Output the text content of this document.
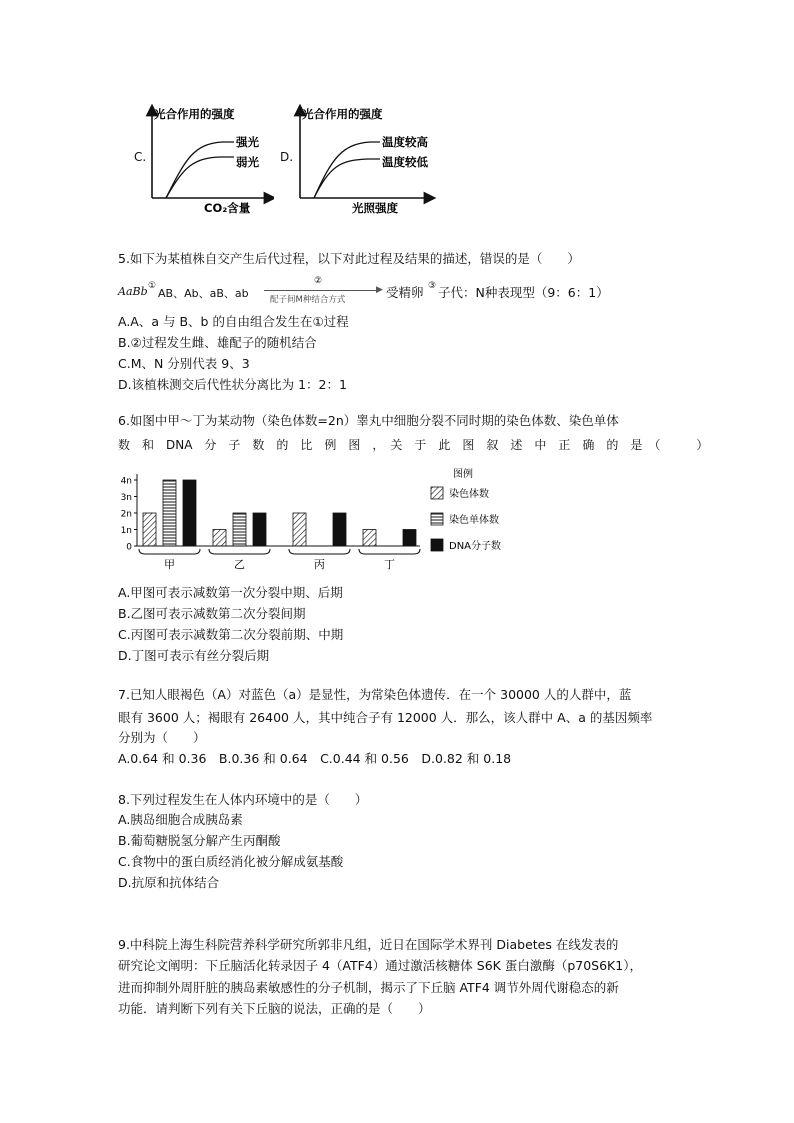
C.
光合作用的强度
强光
弱光
CO₂含量
D.
光合作用的强度
温度较高
温度较低
光照强度
5.如下为某植株自交产生后代过程，以下对此过程及结果的描述，错误的是（　　）
AaBb ①
AB、Ab、aB、ab
②
▶
配子间M种结合方式	受精卵 ③ 子代：N种表现型（9：6：1）
A.A、a 与 B、b 的自由组合发生在①过程
B.②过程发生雌、雄配子的随机结合
C.M、N 分别代表 9、3
D.该植株测交后代性状分离比为 1：2：1
6.如图中甲～丁为某动物（染色体数=2n）睾丸中细胞分裂不同时期的染色体数、染色单体
数　和　DNA　分　子　数　的　比　例　图　，　关　于　此　图　叙　述　中　正　确　的　是　（　　　）
0
1n
2n
3n
4n
甲	乙	丙	丁
图例
染色体数
染色单体数
DNA分子数
A.甲图可表示减数第一次分裂中期、后期
B.乙图可表示减数第二次分裂间期
C.丙图可表示减数第二次分裂前期、中期
D.丁图可表示有丝分裂后期
7.已知人眼褐色（A）对蓝色（a）是显性，为常染色体遗传．在一个 30000 人的人群中，蓝
眼有 3600 人；褐眼有 26400 人，其中纯合子有 12000 人．那么，该人群中 A、a 的基因频率
分别为（　　）
A.0.64 和 0.36　B.0.36 和 0.64　C.0.44 和 0.56　D.0.82 和 0.18
8.下列过程发生在人体内环境中的是（　　）
A.胰岛细胞合成胰岛素
B.葡萄糖脱氢分解产生丙酮酸
C.食物中的蛋白质经消化被分解成氨基酸
D.抗原和抗体结合
9.中科院上海生科院营养科学研究所郭非凡组，近日在国际学术界刊 Diabetes 在线发表的
研究论文阐明：下丘脑活化转录因子 4（ATF4）通过激活核糖体 S6K 蛋白激酶（p70S6K1），
进而抑制外周肝脏的胰岛素敏感性的分子机制，揭示了下丘脑 ATF4 调节外周代谢稳态的新
功能．请判断下列有关下丘脑的说法，正确的是（　　）
